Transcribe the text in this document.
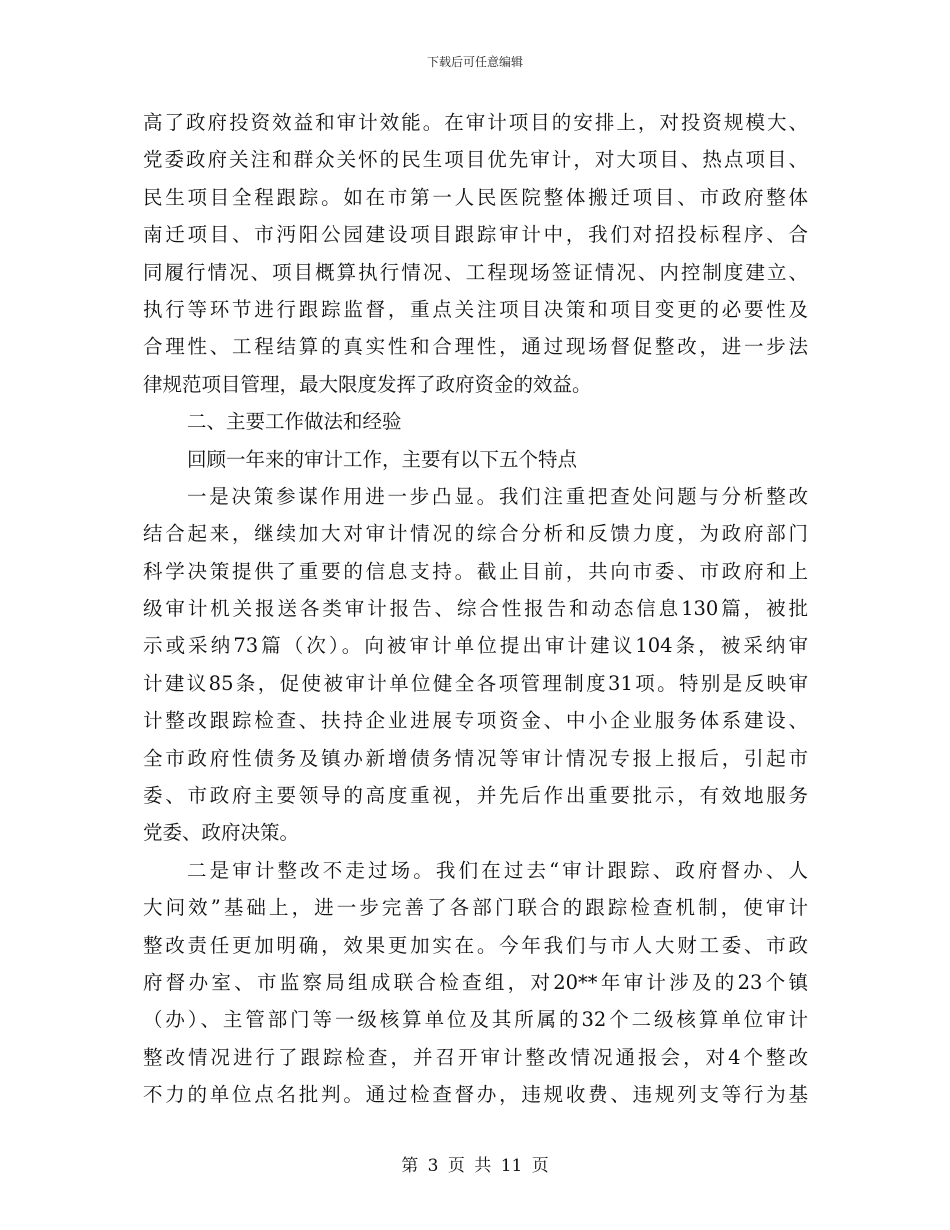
下载后可任意编辑
高了政府投资效益和审计效能。在审计项目的安排上，对投资规模大、
党委政府关注和群众关怀的民生项目优先审计，对大项目、热点项目、
民生项目全程跟踪。如在市第一人民医院整体搬迁项目、市政府整体
南迁项目、市沔阳公园建设项目跟踪审计中，我们对招投标程序、合
同履行情况、项目概算执行情况、工程现场签证情况、内控制度建立、
执行等环节进行跟踪监督，重点关注项目决策和项目变更的必要性及
合理性、工程结算的真实性和合理性，通过现场督促整改，进一步法
律规范项目管理，最大限度发挥了政府资金的效益。
二、主要工作做法和经验
回顾一年来的审计工作，主要有以下五个特点
一是决策参谋作用进一步凸显。我们注重把查处问题与分析整改
结合起来，继续加大对审计情况的综合分析和反馈力度，为政府部门
科学决策提供了重要的信息支持。截止目前，共向市委、市政府和上
级审计机关报送各类审计报告、综合性报告和动态信息130篇，被批
示或采纳73篇（次）。向被审计单位提出审计建议104条，被采纳审
计建议85条，促使被审计单位健全各项管理制度31项。特别是反映审
计整改跟踪检查、扶持企业进展专项资金、中小企业服务体系建设、
全市政府性债务及镇办新增债务情况等审计情况专报上报后，引起市
委、市政府主要领导的高度重视，并先后作出重要批示，有效地服务
党委、政府决策。
二是审计整改不走过场。我们在过去“审计跟踪、政府督办、人
大问效”基础上，进一步完善了各部门联合的跟踪检查机制，使审计
整改责任更加明确，效果更加实在。今年我们与市人大财工委、市政
府督办室、市监察局组成联合检查组，对20**年审计涉及的23个镇
（办）、主管部门等一级核算单位及其所属的32个二级核算单位审计
整改情况进行了跟踪检查，并召开审计整改情况通报会，对4个整改
不力的单位点名批判。通过检查督办，违规收费、违规列支等行为基
第 3 页 共 11 页
